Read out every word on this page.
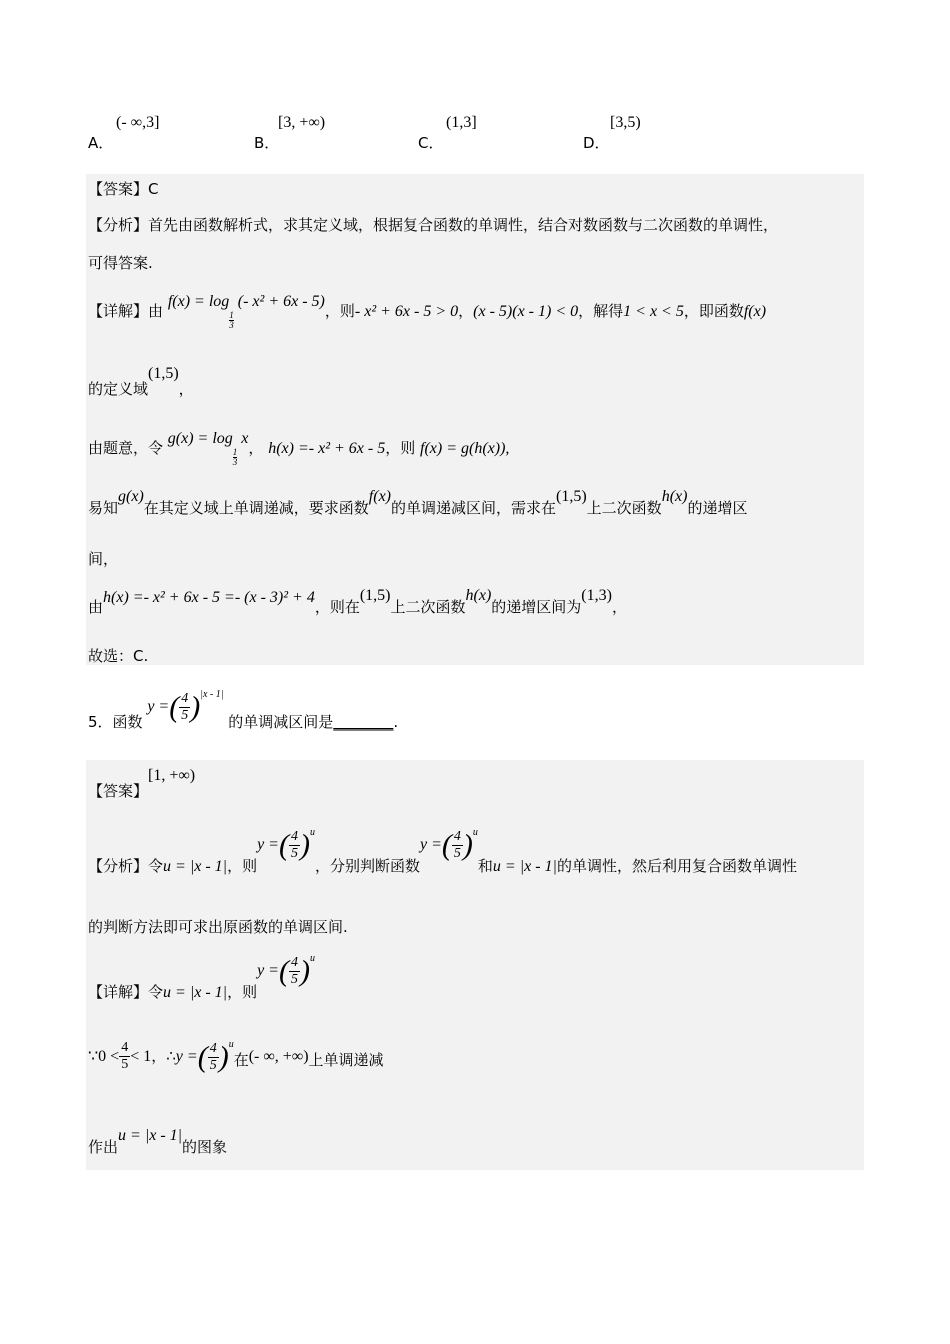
A．
(- ∞,3]
B．
[3, +∞)
C．
(1,3]
D．
[3,5)
【答案】C
【分析】首先由函数解析式，求其定义域，根据复合函数的单调性，结合对数函数与二次函数的单调性，
可得答案.
【详解】由 f(x) = log
$\frac{1}{3}$
(- x² + 6x - 5)，则- x² + 6x - 5 > 0，(x - 5)(x - 1) < 0，解得1 < x < 5，即函数f(x)
的定义域(1,5)，
由题意，令 g(x) = log
$\frac{1}{3}$
x， h(x) =- x² + 6x - 5，则 f(x) = g(h(x)),
易知g(x)在其定义域上单调递减，要求函数f(x)的单调递减区间，需求在(1,5)上二次函数h(x)的递增区
间，
由h(x) =- x² + 6x - 5 =- (x - 3)² + 4，则在(1,5)上二次函数h(x)的递增区间为(1,3)，
故选：C.
5．函数 y =( $\frac{4}{5} )^{|x - 1|}$ 的单调减区间是________.
【答案】[1, +∞)
【分析】令u = |x - 1|，则y =( $\frac{4}{5} )^u$，分别判断函数y =( $\frac{4}{5} )^u$和u = |x - 1|的单调性，然后利用复合函数单调性
的判断方法即可求出原函数的单调区间.
【详解】令u = |x - 1|，则y =( $\frac{4}{5} )^u$
∵0 < $\frac{4}{5} < 1$，∴y =( $\frac{4}{5} )^u$在(- ∞, +∞)上单调递减
作出u = |x - 1|的图象
